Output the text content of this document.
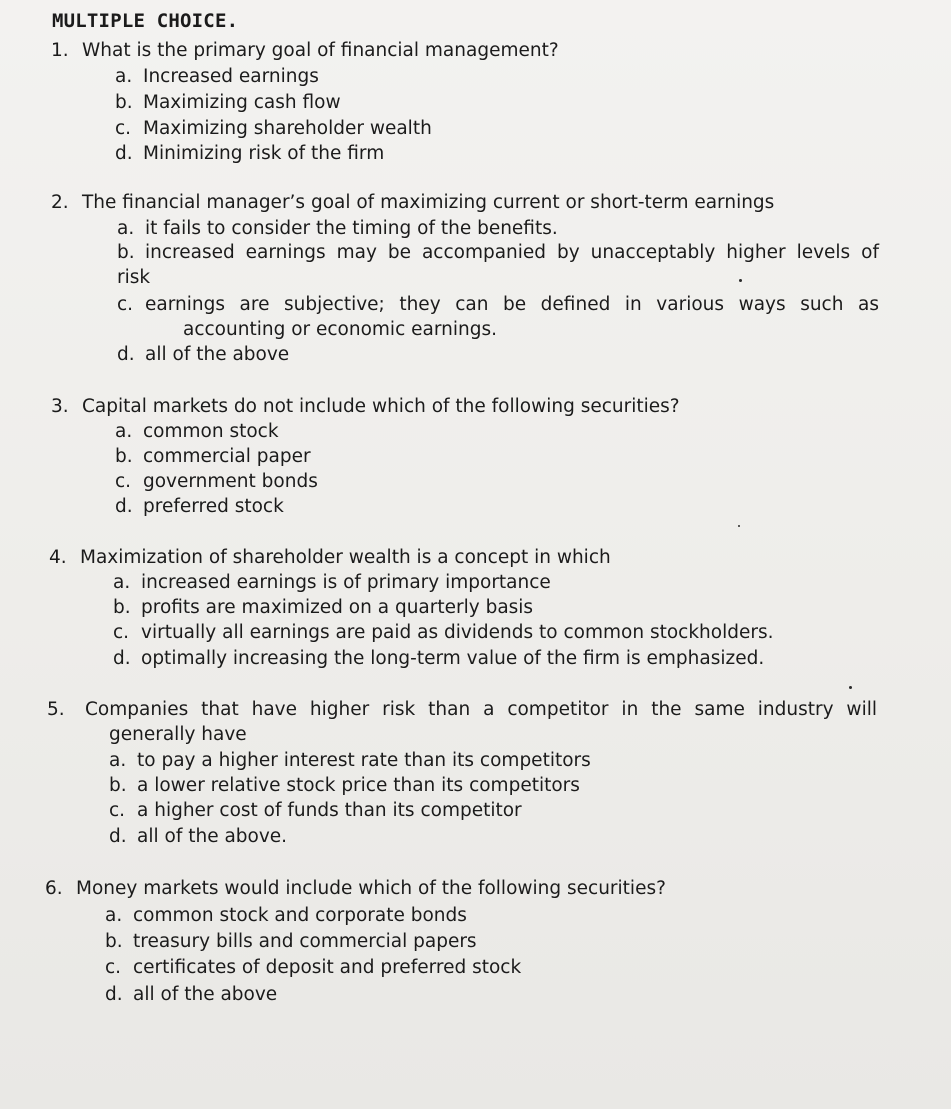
MULTIPLE CHOICE.
1. What is the primary goal of financial management?
a. Increased earnings
b. Maximizing cash flow
c. Maximizing shareholder wealth
d. Minimizing risk of the firm
2. The financial manager’s goal of maximizing current or short-term earnings
a. it fails to consider the timing of the benefits.
b. increased earnings may be accompanied by unacceptably higher levels of
risk
c. earnings are subjective; they can be defined in various ways such as
accounting or economic earnings.
d. all of the above
3. Capital markets do not include which of the following securities?
a. common stock
b. commercial paper
c. government bonds
d. preferred stock
4. Maximization of shareholder wealth is a concept in which
a. increased earnings is of primary importance
b. profits are maximized on a quarterly basis
c. virtually all earnings are paid as dividends to common stockholders.
d. optimally increasing the long-term value of the firm is emphasized.
5. Companies that have higher risk than a competitor in the same industry will
generally have
a. to pay a higher interest rate than its competitors
b. a lower relative stock price than its competitors
c. a higher cost of funds than its competitor
d. all of the above.
6. Money markets would include which of the following securities?
a. common stock and corporate bonds
b. treasury bills and commercial papers
c. certificates of deposit and preferred stock
d. all of the above
